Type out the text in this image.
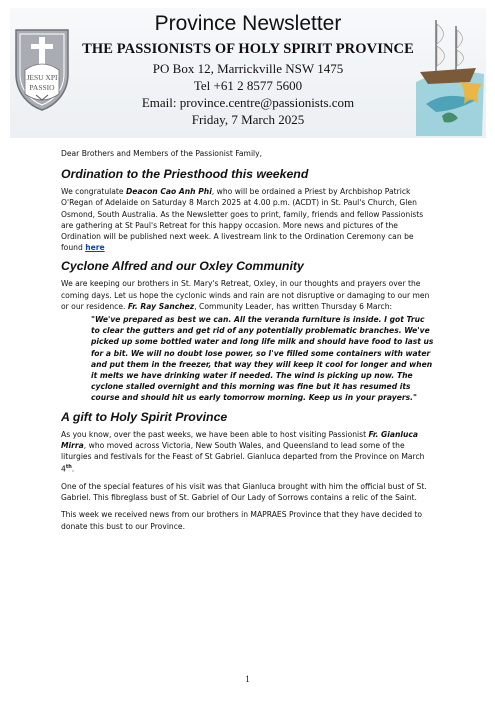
JESU XPI
PASSIO
Province Newsletter
THE PASSIONISTS OF HOLY SPIRIT PROVINCE
PO Box 12, Marrickville NSW 1475
Tel +61 2 8577 5600
Email: province.centre@passionists.com
Friday, 7 March 2025

Dear Brothers and Members of the Passionist Family,

Ordination to the Priesthood this weekend

We congratulate Deacon Cao Anh Phi, who will be ordained a Priest by Archbishop Patrick O'Regan of Adelaide on Saturday 8 March 2025 at 4.00 p.m. (ACDT) in St. Paul's Church, Glen Osmond, South Australia. As the Newsletter goes to print, family, friends and fellow Passionists are gathering at St Paul's Retreat for this happy occasion. More news and pictures of the Ordination will be published next week. A livestream link to the Ordination Ceremony can be found here

Cyclone Alfred and our Oxley Community

We are keeping our brothers in St. Mary's Retreat, Oxley, in our thoughts and prayers over the coming days. Let us hope the cyclonic winds and rain are not disruptive or damaging to our men or our residence. Fr. Ray Sanchez, Community Leader, has written Thursday 6 March:

"We've prepared as best we can. All the veranda furniture is inside. I got Truc to clear the gutters and get rid of any potentially problematic branches. We've picked up some bottled water and long life milk and should have food to last us for a bit. We will no doubt lose power, so I've filled some containers with water and put them in the freezer, that way they will keep it cool for longer and when it melts we have drinking water if needed. The wind is picking up now. The cyclone stalled overnight and this morning was fine but it has resumed its course and should hit us early tomorrow morning. Keep us in your prayers."

A gift to Holy Spirit Province

As you know, over the past weeks, we have been able to host visiting Passionist Fr. Gianluca Mirra, who moved across Victoria, New South Wales, and Queensland to lead some of the liturgies and festivals for the Feast of St Gabriel. Gianluca departed from the Province on March 4th.

One of the special features of his visit was that Gianluca brought with him the official bust of St. Gabriel. This fibreglass bust of St. Gabriel of Our Lady of Sorrows contains a relic of the Saint.

This week we received news from our brothers in MAPRAES Province that they have decided to donate this bust to our Province.

1
